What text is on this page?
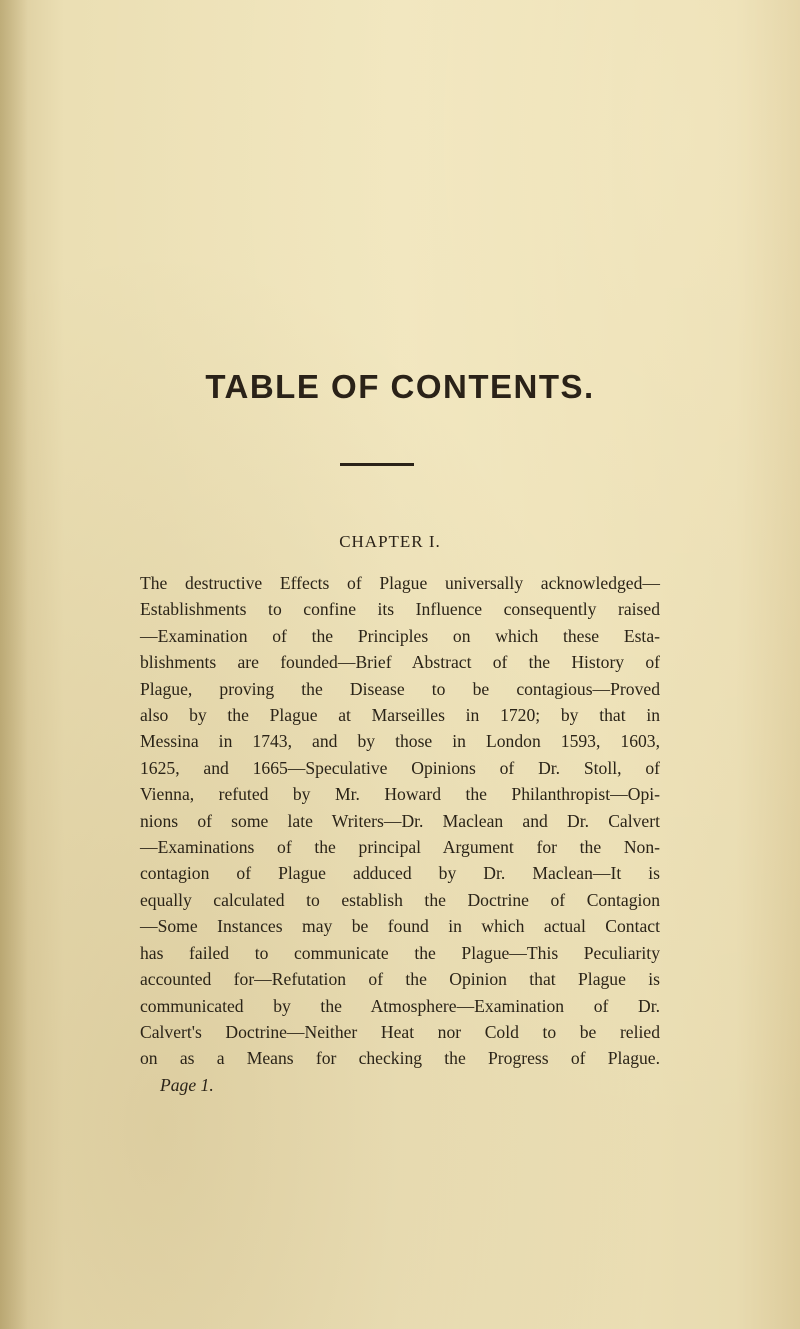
TABLE OF CONTENTS.
CHAPTER I.
The destructive Effects of Plague universally acknowledged—
Establishments to confine its Influence consequently raised
—Examination of the Principles on which these Esta-
blishments are founded—Brief Abstract of the History of
Plague, proving the Disease to be contagious—Proved
also by the Plague at Marseilles in 1720; by that in
Messina in 1743, and by those in London 1593, 1603,
1625, and 1665—Speculative Opinions of Dr. Stoll, of
Vienna, refuted by Mr. Howard the Philanthropist—Opi-
nions of some late Writers—Dr. Maclean and Dr. Calvert
—Examinations of the principal Argument for the Non-
contagion of Plague adduced by Dr. Maclean—It is
equally calculated to establish the Doctrine of Contagion
—Some Instances may be found in which actual Contact
has failed to communicate the Plague—This Peculiarity
accounted for—Refutation of the Opinion that Plague is
communicated by the Atmosphere—Examination of Dr.
Calvert's Doctrine—Neither Heat nor Cold to be relied
on as a Means for checking the Progress of Plague.
Page 1.
